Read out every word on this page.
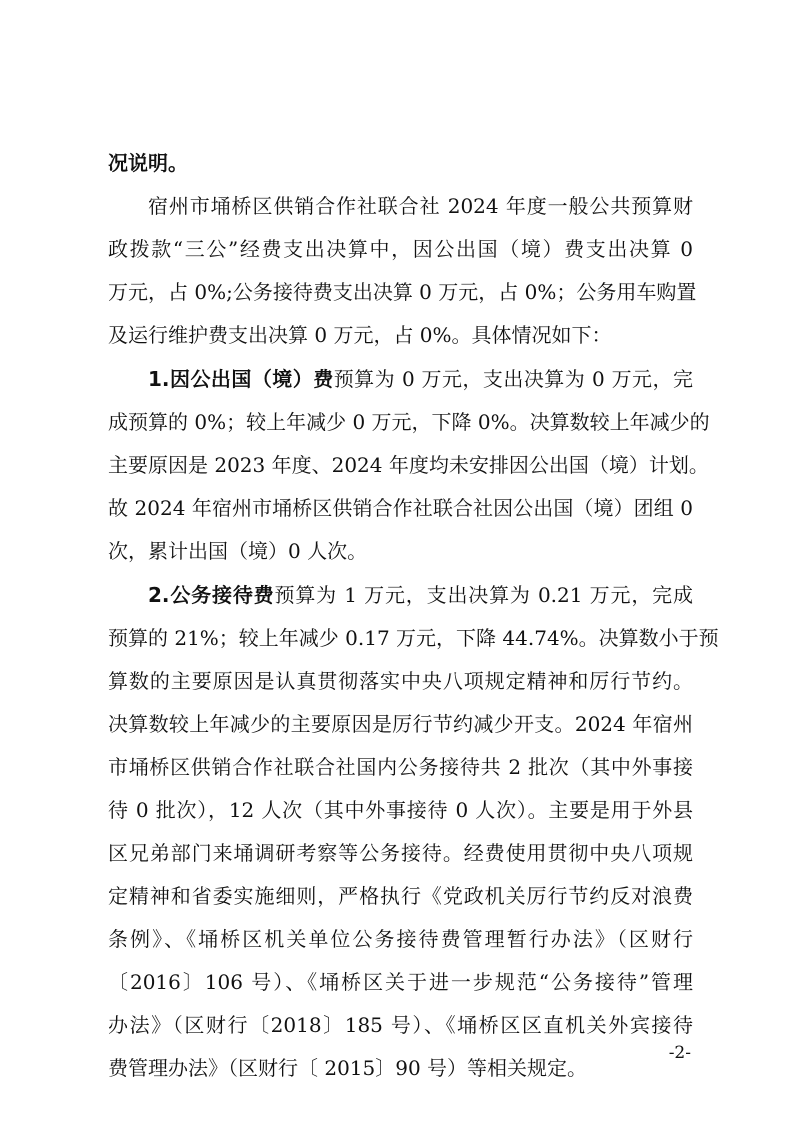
况说明。
宿州市埇桥区供销合作社联合社 2024 年度一般公共预算财
政拨款“三公”经费支出决算中，因公出国（境）费支出决算 0
万元，占 0%;公务接待费支出决算 0 万元，占 0%；公务用车购置
及运行维护费支出决算 0 万元，占 0%。具体情况如下：
1.因公出国（境）费预算为 0 万元，支出决算为 0 万元，完
成预算的 0%；较上年减少 0 万元，下降 0%。决算数较上年减少的
主要原因是 2023 年度、2024 年度均未安排因公出国（境）计划。
故 2024 年宿州市埇桥区供销合作社联合社因公出国（境）团组 0
次，累计出国（境）0 人次。
2.公务接待费预算为 1 万元，支出决算为 0.21 万元，完成
预算的 21%；较上年减少 0.17 万元，下降 44.74%。决算数小于预
算数的主要原因是认真贯彻落实中央八项规定精神和厉行节约。
决算数较上年减少的主要原因是厉行节约减少开支。2024 年宿州
市埇桥区供销合作社联合社国内公务接待共 2 批次（其中外事接
待 0 批次），12 人次（其中外事接待 0 人次）。主要是用于外县
区兄弟部门来埇调研考察等公务接待。经费使用贯彻中央八项规
定精神和省委实施细则，严格执行《党政机关厉行节约反对浪费
条例》、《埇桥区机关单位公务接待费管理暂行办法》（区财行
〔2016〕106 号）、《埇桥区关于进一步规范“公务接待”管理
办法》（区财行〔2018〕185 号）、《埇桥区区直机关外宾接待
费管理办法》（区财行〔 2015〕90 号）等相关规定。
-2-
